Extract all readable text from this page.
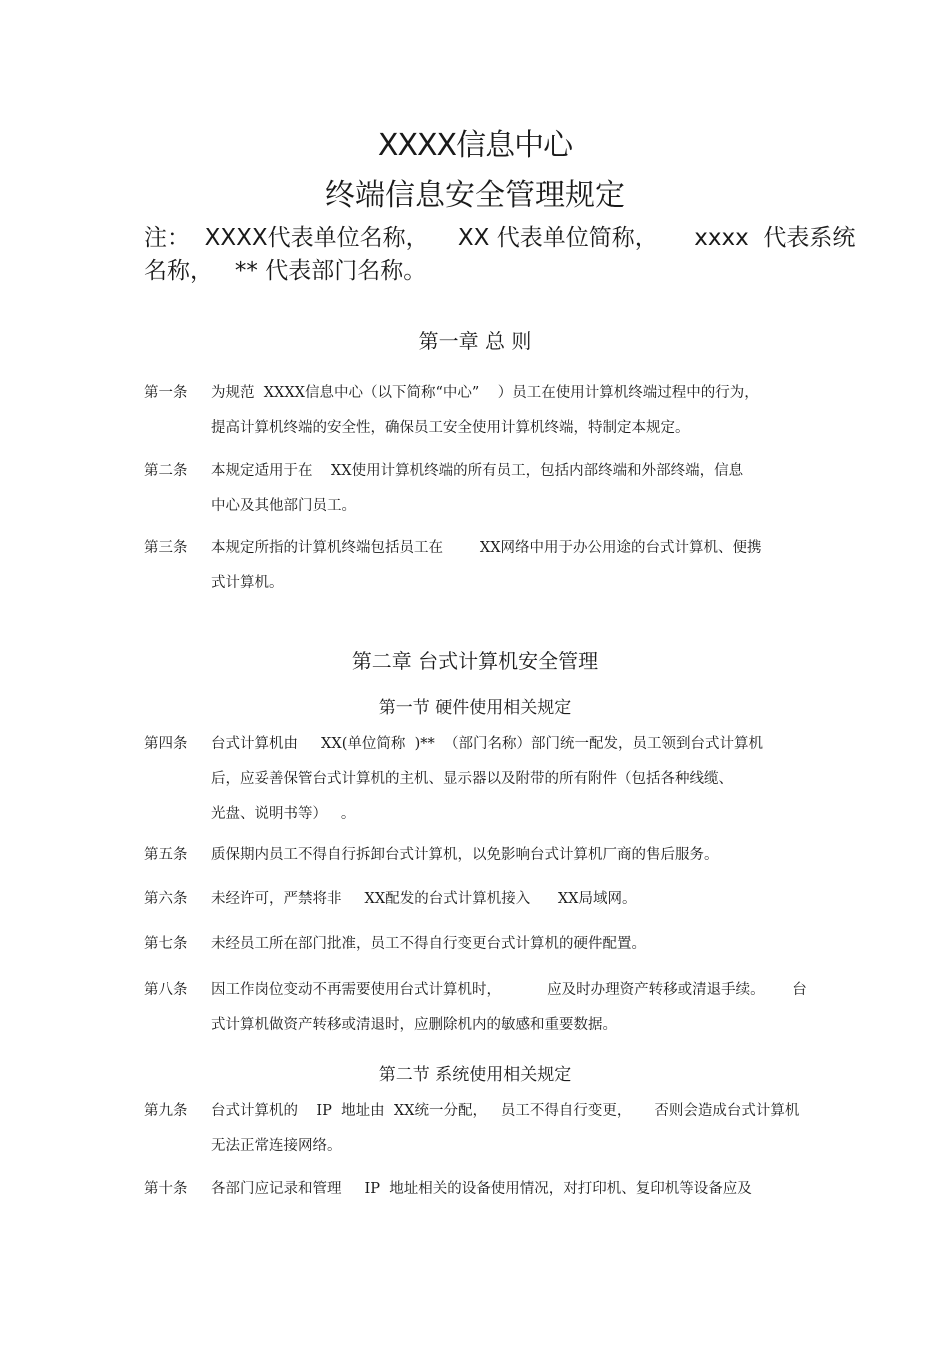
XXXX信息中心
终端信息安全管理规定
注：  XXXX代表单位名称，    XX 代表单位简称，     xxxx  代表系统
名称，   ** 代表部门名称。
第一章 总 则
第一条	为规范  XXXX信息中心（以下简称“中心”    ）员工在使用计算机终端过程中的行为，
提高计算机终端的安全性，确保员工安全使用计算机终端，特制定本规定。
第二条	本规定适用于在    XX使用计算机终端的所有员工，包括内部终端和外部终端，信息
中心及其他部门员工。
第三条	本规定所指的计算机终端包括员工在        XX网络中用于办公用途的台式计算机、便携
式计算机。
第二章 台式计算机安全管理
第一节 硬件使用相关规定
第四条	台式计算机由     XX(单位简称  )**  （部门名称）部门统一配发，员工领到台式计算机
后，应妥善保管台式计算机的主机、显示器以及附带的所有附件（包括各种线缆、
光盘、说明书等）   。
第五条	质保期内员工不得自行拆卸台式计算机，以免影响台式计算机厂商的售后服务。
第六条	未经许可，严禁将非     XX配发的台式计算机接入      XX局域网。
第七条	未经员工所在部门批准，员工不得自行变更台式计算机的硬件配置。
第八条	因工作岗位变动不再需要使用台式计算机时，          应及时办理资产转移或清退手续。      台
式计算机做资产转移或清退时，应删除机内的敏感和重要数据。
第二节 系统使用相关规定
第九条	台式计算机的    IP  地址由  XX统一分配，   员工不得自行变更，     否则会造成台式计算机
无法正常连接网络。
第十条	各部门应记录和管理     IP  地址相关的设备使用情况，对打印机、复印机等设备应及
